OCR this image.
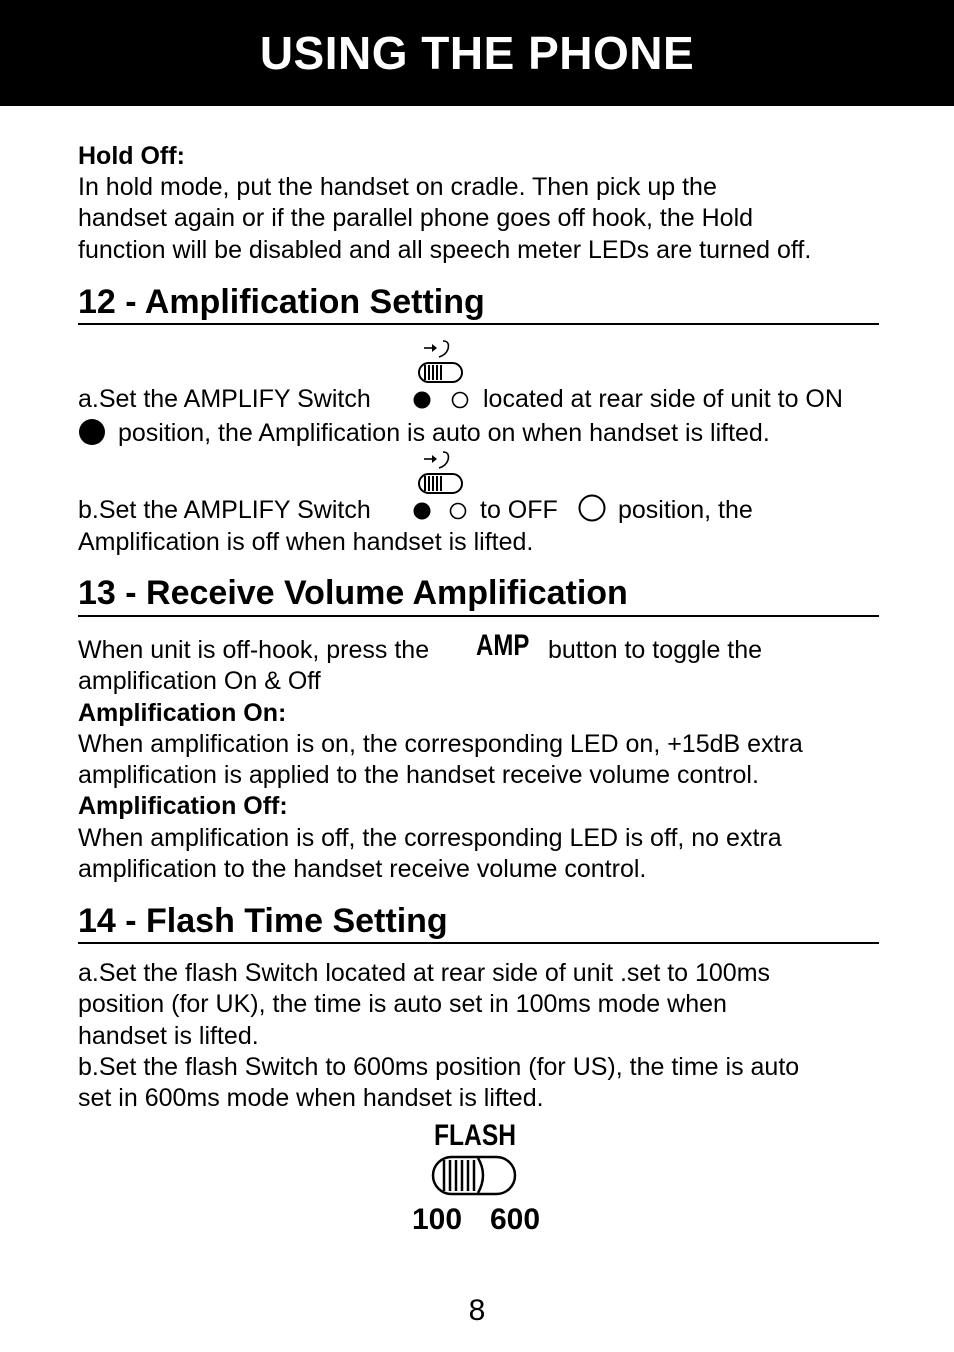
USING THE PHONE
Hold Off:
In hold mode, put the handset on cradle. Then pick up the
handset again or if the parallel phone goes off hook, the Hold
function will be disabled and all speech meter LEDs are turned off.
12 - Amplification Setting
a.Set the AMPLIFY Switch	located at rear side of unit to ON
position, the Amplification is auto on when handset is lifted.
b.Set the AMPLIFY Switch	to OFF position, the
Amplification is off when handset is lifted.
13 - Receive Volume Amplification
When unit is off-hook, press the AMP button to toggle the
amplification On & Off
Amplification On:
When amplification is on, the corresponding LED on, +15dB extra
amplification is applied to the handset receive volume control.
Amplification Off:
When amplification is off, the corresponding LED is off, no extra
amplification to the handset receive volume control.
14 - Flash Time Setting
a.Set the flash Switch located at rear side of unit .set to 100ms
position (for UK), the time is auto set in 100ms mode when
handset is lifted.
b.Set the flash Switch to 600ms position (for US), the time is auto
set in 600ms mode when handset is lifted.
FLASH
100 600
8
